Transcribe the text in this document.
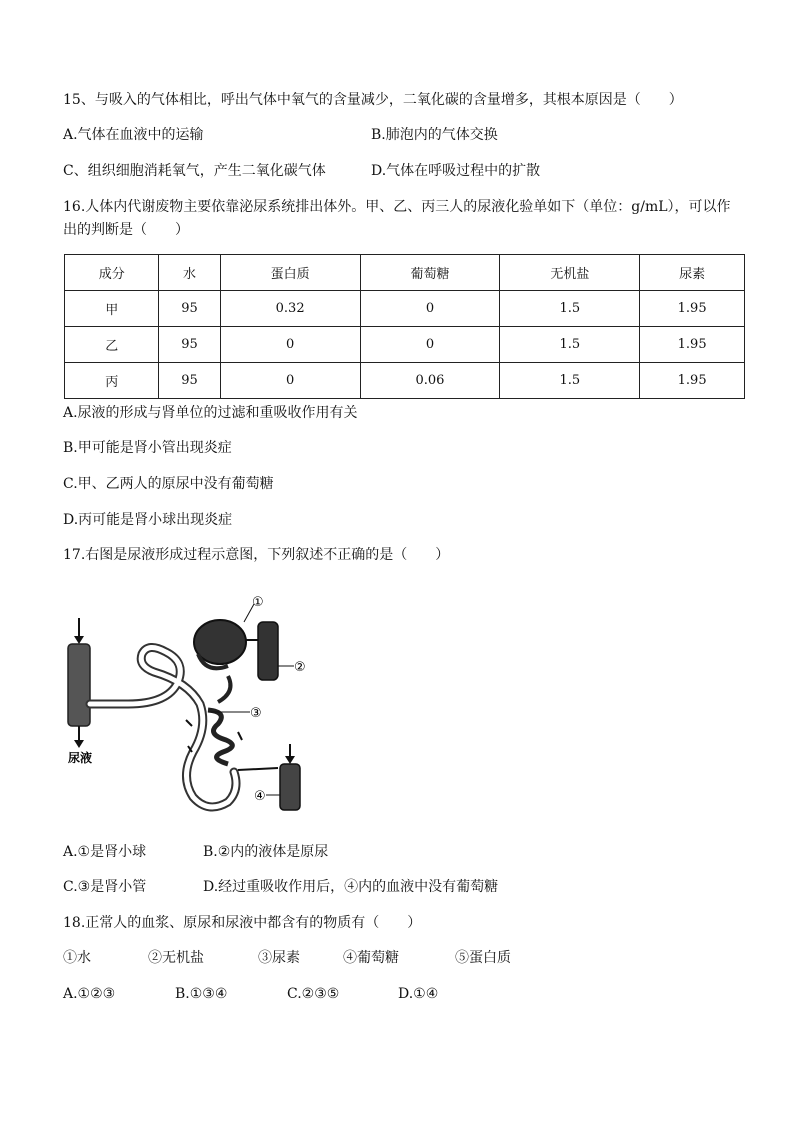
15、与吸入的气体相比，呼出气体中氧气的含量减少，二氧化碳的含量增多，其根本原因是（　　）
A.气体在血液中的运输	B.肺泡内的气体交换
C、组织细胞消耗氧气，产生二氧化碳气体	D.气体在呼吸过程中的扩散
16.人体内代谢废物主要依靠泌尿系统排出体外。甲、乙、丙三人的尿液化验单如下（单位：g/mL），可以作
出的判断是（　　）
成分	水	蛋白质	葡萄糖	无机盐	尿素
甲	95	0.32	0	1.5	1.95
乙	95	0	0	1.5	1.95
丙	95	0	0.06	1.5	1.95
A.尿液的形成与肾单位的过滤和重吸收作用有关
B.甲可能是肾小管出现炎症
C.甲、乙两人的原尿中没有葡萄糖
D.丙可能是肾小球出现炎症
17.右图是尿液形成过程示意图，下列叙述不正确的是（　　）
尿液
①
②
③
④
A.①是肾小球	B.②内的液体是原尿
C.③是肾小管	D.经过重吸收作用后，④内的血液中没有葡萄糖
18.正常人的血浆、原尿和尿液中都含有的物质有（　　）
①水	②无机盐	③尿素	④葡萄糖	⑤蛋白质
A.①②③	B.①③④	C.②③⑤	D.①④
